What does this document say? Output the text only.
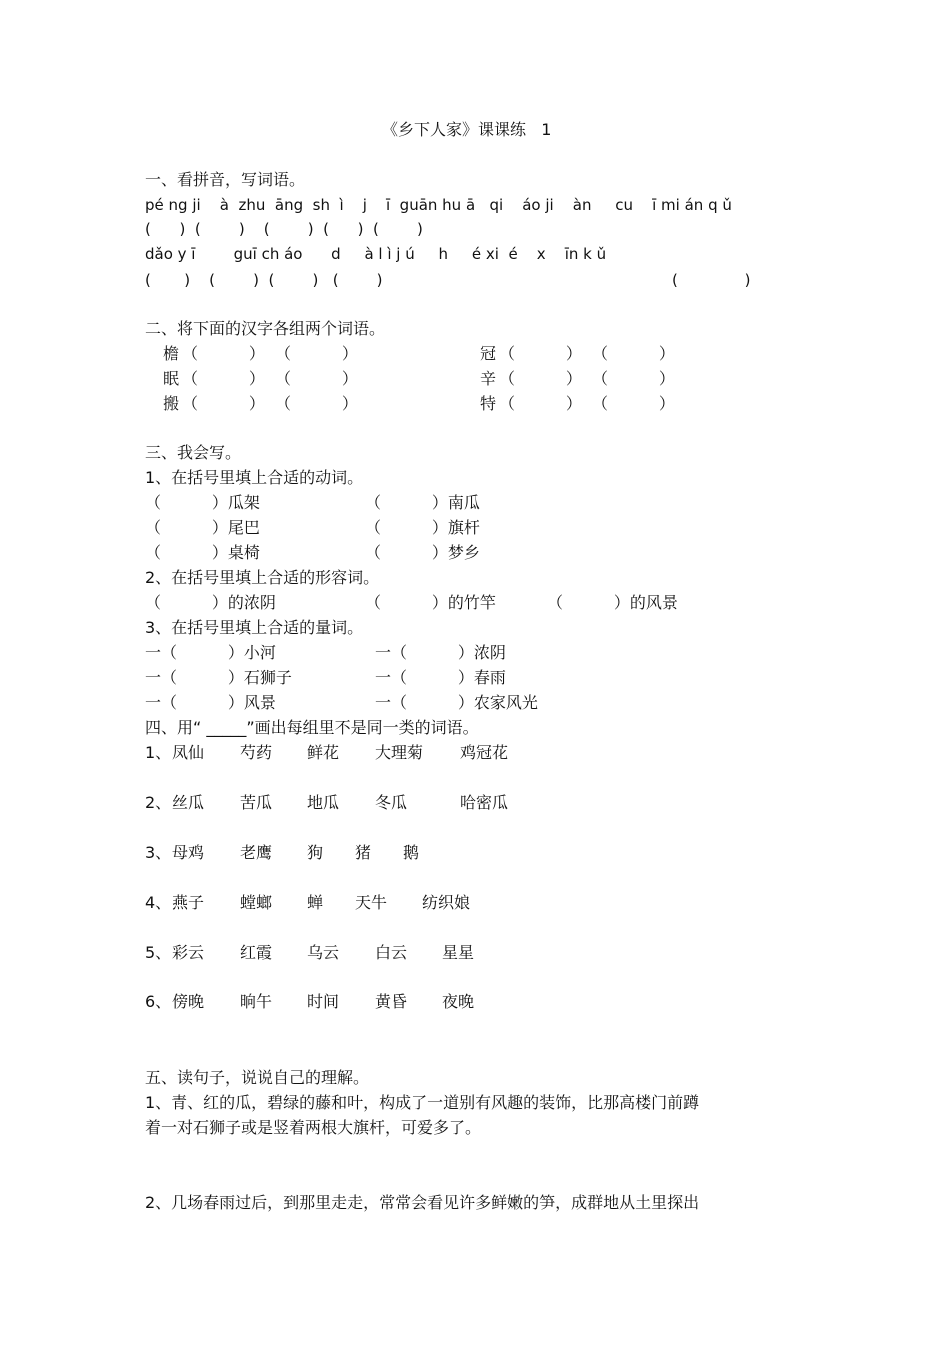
《乡下人家》课课练   1
一、看拼音，写词语。
pé ng ji    à  zhu  āng  sh  ì    j    ī  guān hu ā   qi    áo ji    àn     cu    ī mi án q ǔ
(      )  (        )    (        )  (      )  (        )
dǎo y ī        guī ch áo      d     à l ì j ú     h     é xi  é    x    īn k ǔ
(       )    (        )  (        )   (        )	(              )
二、将下面的汉字各组两个词语。
檐 （          ）  （          ）	冠 （          ）  （          ）
眠 （          ）  （          ）	辛 （          ）  （          ）
搬 （          ）  （          ）	特 （          ）  （          ）
三、我会写。
1、在括号里填上合适的动词。
（          ）瓜架	（          ）南瓜
（          ）尾巴	（          ）旗杆
（          ）桌椅	（          ）梦乡
2、在括号里填上合适的形容词。
（          ）的浓阴	（          ）的竹竿	（          ）的风景
3、在括号里填上合适的量词。
一（          ）小河	一（          ）浓阴
一（          ）石狮子	一（          ）春雨
一（          ）风景	一（          ）农家风光
四、用“ _____”画出每组里不是同一类的词语。
1、 凤仙 芍药 鲜花 大理菊 鸡冠花
2、 丝瓜 苦瓜 地瓜 冬瓜	哈密瓜
3、 母鸡 老鹰 狗 猪 鹅
4、 燕子 螳螂 蝉 天牛 纺织娘
5、 彩云 红霞 乌云 白云 星星
6、 傍晚 晌午 时间 黄昏 夜晚
五、读句子，说说自己的理解。
1、青、红的瓜，碧绿的藤和叶，构成了一道别有风趣的装饰，比那高楼门前蹲
着一对石狮子或是竖着两根大旗杆，可爱多了。
2、几场春雨过后，到那里走走，常常会看见许多鲜嫩的笋，成群地从土里探出
